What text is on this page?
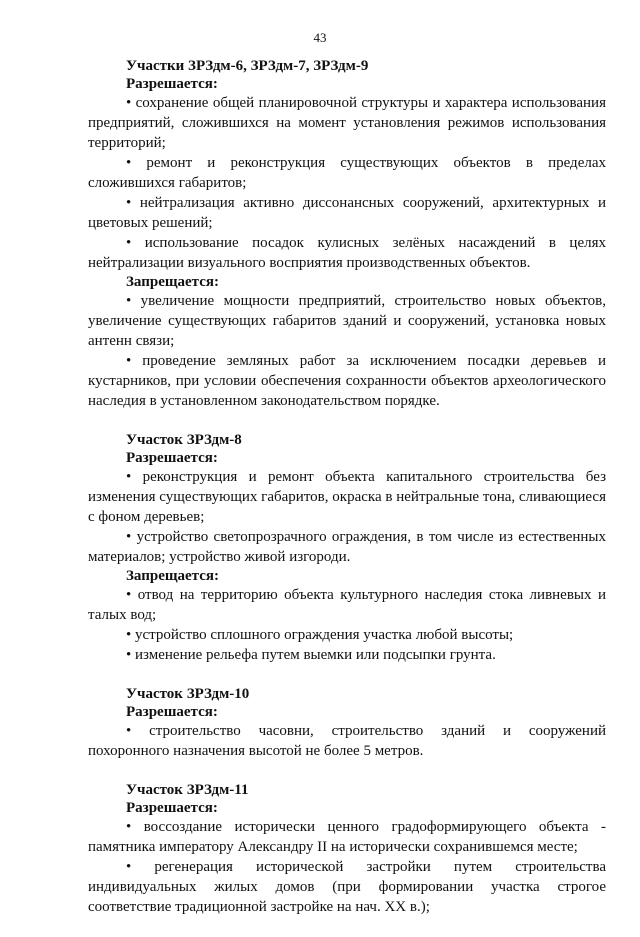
43
Участки ЗРЗдм-6, ЗРЗдм-7, ЗРЗдм-9
Разрешается:

• сохранение общей планировочной структуры и характера использования предприятий, сложившихся на момент установления режимов использования территорий;

• ремонт и реконструкция существующих объектов в пределах сложившихся габаритов;

• нейтрализация активно диссонансных сооружений, архитектурных и цветовых решений;

• использование посадок кулисных зелёных насаждений в целях нейтрализации визуального восприятия производственных объектов.

Запрещается:

• увеличение мощности предприятий, строительство новых объектов, увеличение существующих габаритов зданий и сооружений, установка новых антенн связи;

• проведение земляных работ за исключением посадки деревьев и кустарников, при условии обеспечения сохранности объектов археологического наследия в установленном законодательством порядке.

Участок ЗРЗдм-8
Разрешается:

• реконструкция и ремонт объекта капитального строительства без изменения существующих габаритов, окраска в нейтральные тона, сливающиеся с фоном деревьев;

• устройство светопрозрачного ограждения, в том числе из естественных материалов; устройство живой изгороди.

Запрещается:

• отвод на территорию объекта культурного наследия стока ливневых и талых вод;

• устройство сплошного ограждения участка любой высоты;

• изменение рельефа путем выемки или подсыпки грунта.

Участок ЗРЗдм-10
Разрешается:

• строительство часовни, строительство зданий и сооружений похоронного назначения высотой не более 5 метров.

Участок ЗРЗдм-11
Разрешается:

• воссоздание исторически ценного градоформирующего объекта - памятника императору Александру II на исторически сохранившемся месте;

• регенерация исторической застройки путем строительства индивидуальных жилых домов (при формировании участка строгое соответствие традиционной застройке на нач. XX в.);
